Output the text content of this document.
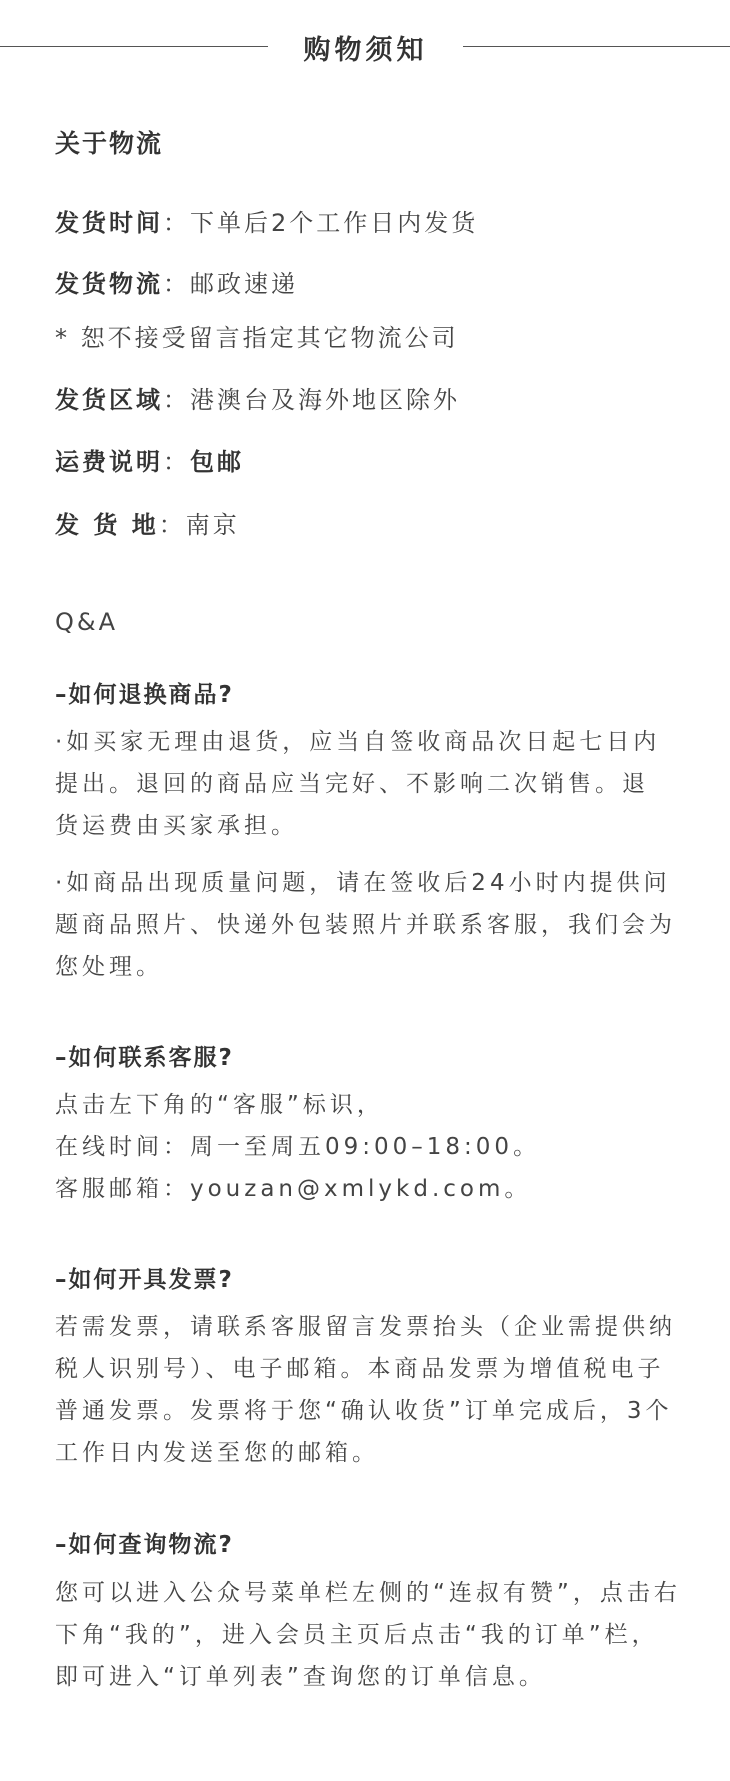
购物须知
关于物流
发货时间：下单后2个工作日内发货
发货物流：邮政速递
* 恕不接受留言指定其它物流公司
发货区域：港澳台及海外地区除外
运费说明：包邮
发 货 地：南京
Q&A
–如何退换商品?
·如买家无理由退货，应当自签收商品次日起七日内
提出。退回的商品应当完好、不影响二次销售。退
货运费由买家承担。
·如商品出现质量问题，请在签收后24小时内提供问
题商品照片、快递外包装照片并联系客服，我们会为
您处理。
–如何联系客服?
点击左下角的“客服”标识，
在线时间：周一至周五09:00–18:00。
客服邮箱：youzan@xmlykd.com。
–如何开具发票?
若需发票，请联系客服留言发票抬头（企业需提供纳
税人识别号）、电子邮箱。本商品发票为增值税电子
普通发票。发票将于您“确认收货”订单完成后，3个
工作日内发送至您的邮箱。
–如何查询物流?
您可以进入公众号菜单栏左侧的“连叔有赞”，点击右
下角“我的”，进入会员主页后点击“我的订单”栏，
即可进入“订单列表”查询您的订单信息。
